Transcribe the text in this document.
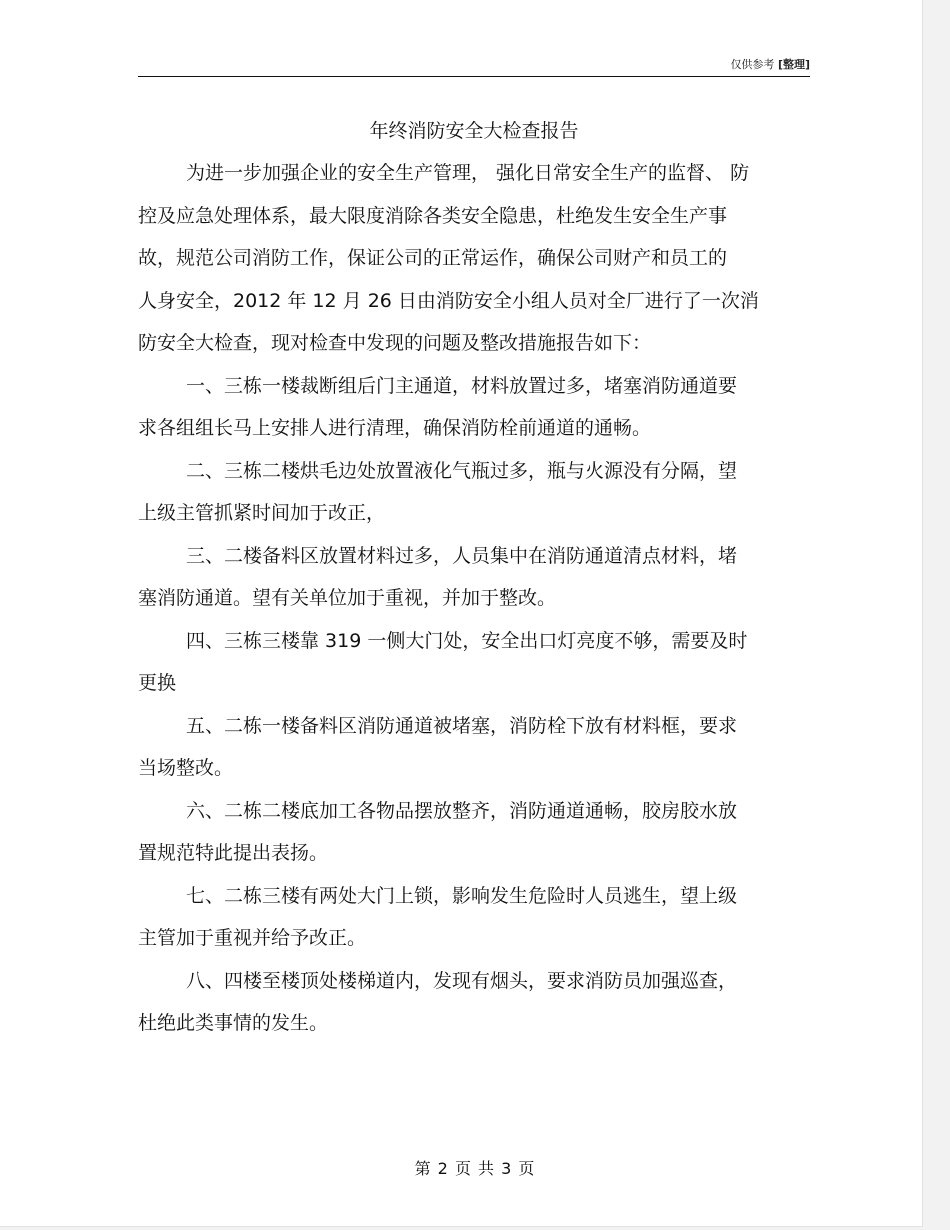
仅供参考 [整理]
年终消防安全大检查报告
为进一步加强企业的安全生产管理， 强化日常安全生产的监督、 防
控及应急处理体系，最大限度消除各类安全隐患，杜绝发生安全生产事
故，规范公司消防工作，保证公司的正常运作，确保公司财产和员工的
人身安全，2012 年 12 月 26 日由消防安全小组人员对全厂进行了一次消
防安全大检查，现对检查中发现的问题及整改措施报告如下：
一、三栋一楼裁断组后门主通道，材料放置过多，堵塞消防通道要
求各组组长马上安排人进行清理，确保消防栓前通道的通畅。
二、三栋二楼烘毛边处放置液化气瓶过多，瓶与火源没有分隔，望
上级主管抓紧时间加于改正，
三、二楼备料区放置材料过多，人员集中在消防通道清点材料，堵
塞消防通道。望有关单位加于重视，并加于整改。
四、三栋三楼靠 319 一侧大门处，安全出口灯亮度不够，需要及时
更换
五、二栋一楼备料区消防通道被堵塞，消防栓下放有材料框，要求
当场整改。
六、二栋二楼底加工各物品摆放整齐，消防通道通畅，胶房胶水放
置规范特此提出表扬。
七、二栋三楼有两处大门上锁，影响发生危险时人员逃生，望上级
主管加于重视并给予改正。
八、四楼至楼顶处楼梯道内，发现有烟头，要求消防员加强巡查，
杜绝此类事情的发生。
第 2 页 共 3 页
